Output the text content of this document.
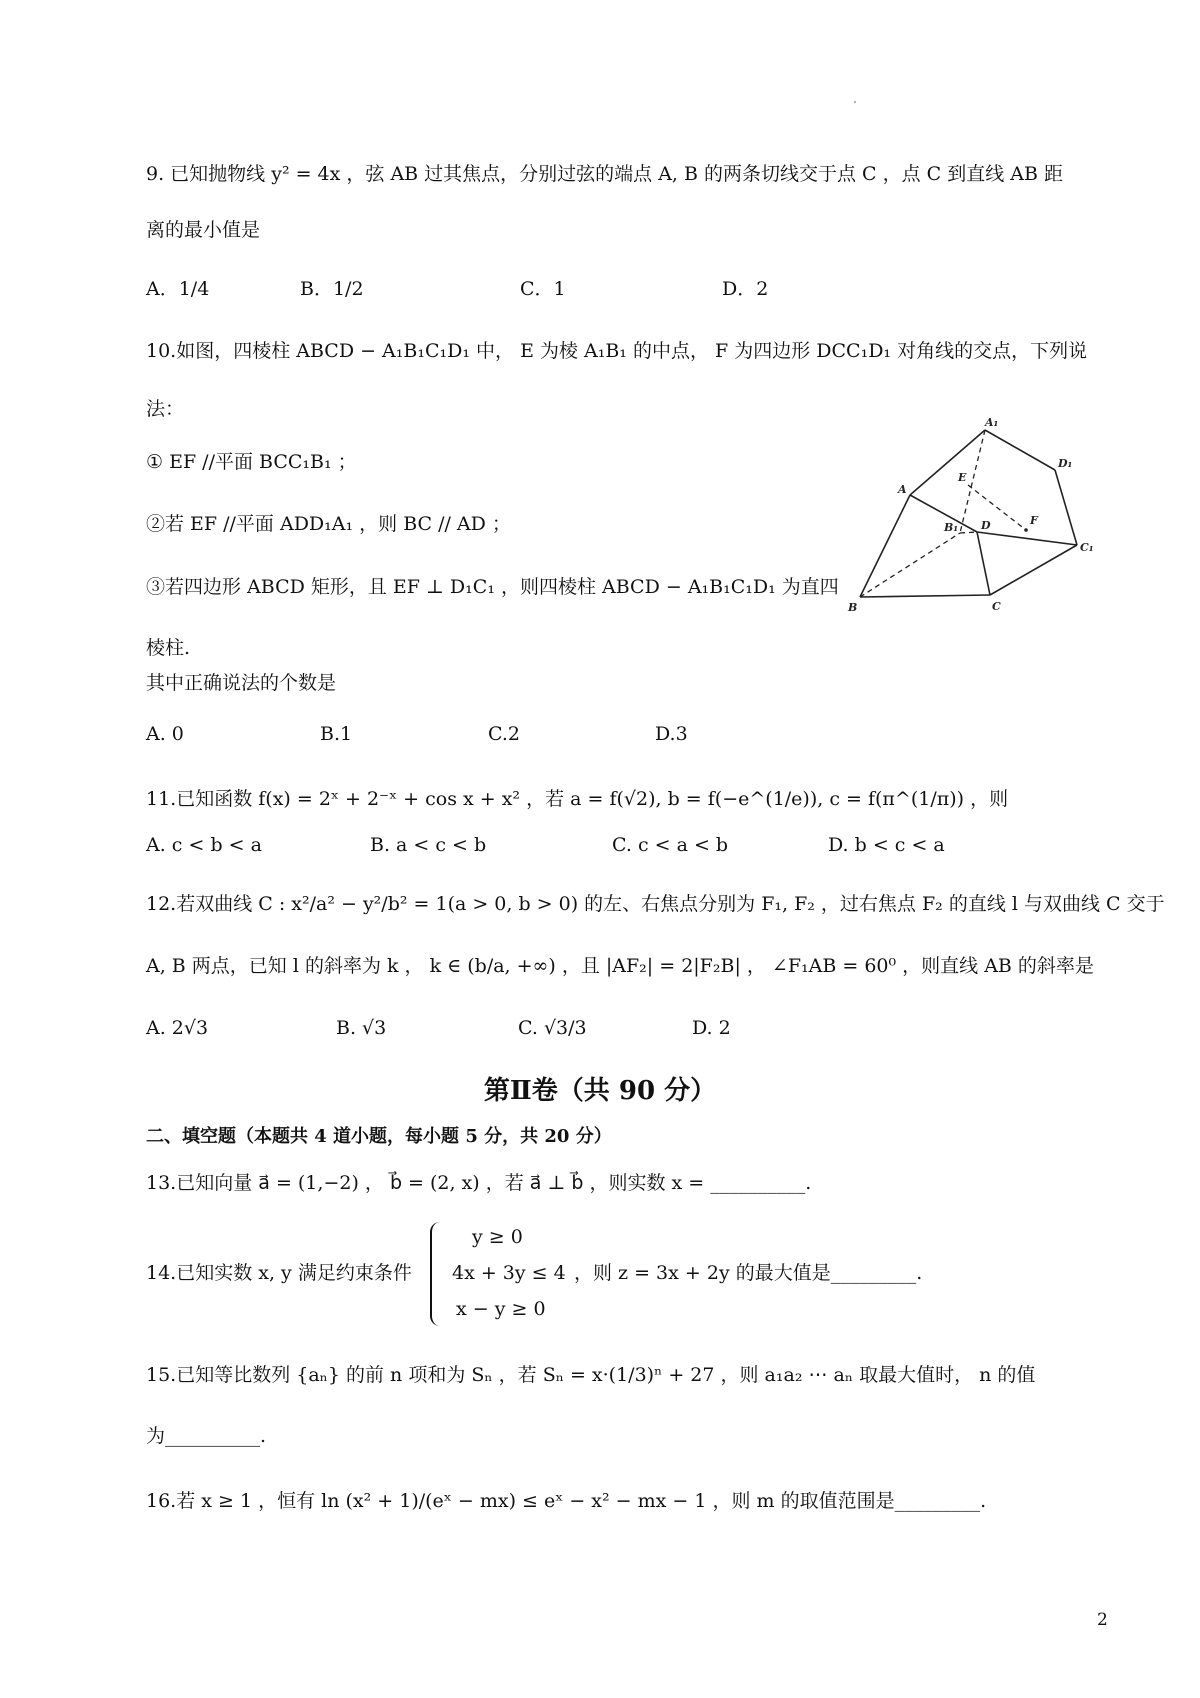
9. 已知抛物线 y² = 4x ，弦 AB 过其焦点，分别过弦的端点 A, B 的两条切线交于点 C ，点 C 到直线 AB 距
离的最小值是
A．1/4	B．1/2	C．1	D．2
10.如图，四棱柱 ABCD − A₁B₁C₁D₁ 中， E 为棱 A₁B₁ 的中点， F 为四边形 DCC₁D₁ 对角线的交点，下列说
法：
① EF //平面 BCC₁B₁ ；
②若 EF //平面 ADD₁A₁ ，则 BC // AD ；
③若四边形 ABCD 矩形，且 EF ⊥ D₁C₁ ，则四棱柱 ABCD − A₁B₁C₁D₁ 为直四
棱柱.
其中正确说法的个数是
A. 0	B.1	C.2	D.3
A₁
D₁
A
E
B₁ D	F
C₁
B	C
11.已知函数 f(x) = 2ˣ + 2⁻ˣ + cos x + x² ，若 a = f(√2), b = f(−e^(1/e)), c = f(π^(1/π)) ，则
A. c < b < a	B. a < c < b	C. c < a < b	D. b < c < a
12.若双曲线 C : x²/a² − y²/b² = 1(a > 0, b > 0) 的左、右焦点分别为 F₁, F₂ ，过右焦点 F₂ 的直线 l 与双曲线 C 交于
A, B 两点，已知 l 的斜率为 k ， k ∈ (b/a, +∞) ，且 |AF₂| = 2|F₂B| ， ∠F₁AB = 60⁰ ，则直线 AB 的斜率是
A. 2√3	B. √3	C. √3/3	D. 2
第Ⅱ卷（共 90 分）
二、填空题（本题共 4 道小题，每小题 5 分，共 20 分）
13.已知向量 a⃗ = (1,−2) ， b⃗ = (2, x) ，若 a⃗ ⊥ b⃗ ，则实数 x = __________.
14.已知实数 x, y 满足约束条件
y ≥ 0
4x + 3y ≤ 4
x − y ≥ 0
，则 z = 3x + 2y 的最大值是_________.
15.已知等比数列 {aₙ} 的前 n 项和为 Sₙ ，若 Sₙ = x·(1/3)ⁿ + 27 ，则 a₁a₂ ⋯ aₙ 取最大值时， n 的值
为__________.
16.若 x ≥ 1 ，恒有 ln (x² + 1)/(eˣ − mx) ≤ eˣ − x² − mx − 1 ，则 m 的取值范围是_________.
2
